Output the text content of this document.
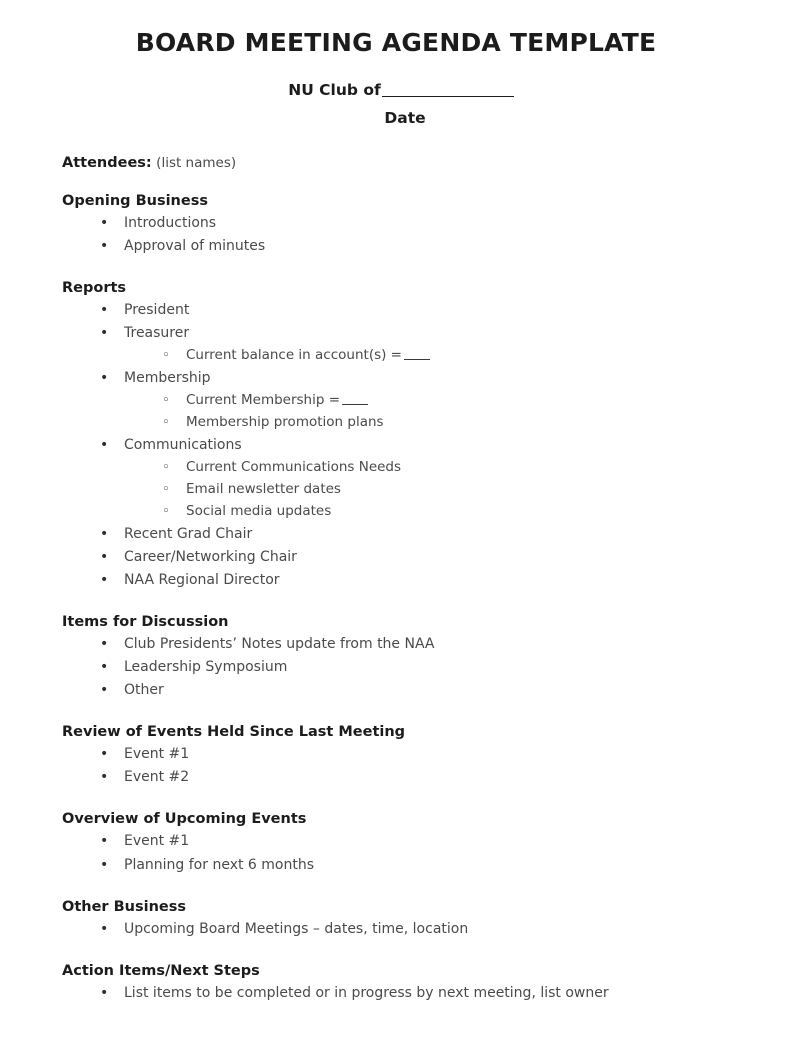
BOARD MEETING AGENDA TEMPLATE
NU Club of
Date
Attendees: (list names)
Opening Business
• Introductions
• Approval of minutes
Reports
• President
• Treasurer
◦ Current balance in account(s) =
• Membership
◦ Current Membership =
◦ Membership promotion plans
• Communications
◦ Current Communications Needs
◦ Email newsletter dates
◦ Social media updates
• Recent Grad Chair
• Career/Networking Chair
• NAA Regional Director
Items for Discussion
• Club Presidents’ Notes update from the NAA
• Leadership Symposium
• Other
Review of Events Held Since Last Meeting
• Event #1
• Event #2
Overview of Upcoming Events
• Event #1
• Planning for next 6 months
Other Business
• Upcoming Board Meetings – dates, time, location
Action Items/Next Steps
• List items to be completed or in progress by next meeting, list owner
